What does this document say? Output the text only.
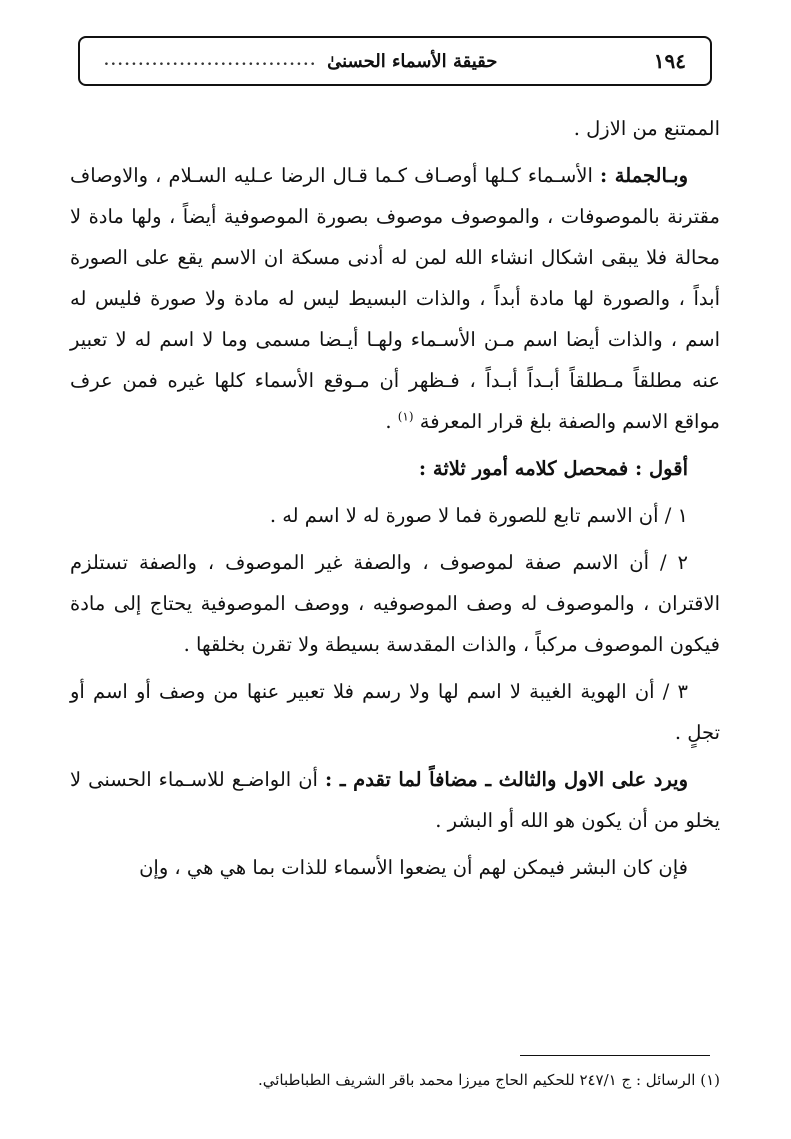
١٩٤
حقيقة الأسماء الحسنىٰ
...............................

الممتنع من الازل .

وبـالجملة : الأسـماء كـلها أوصـاف كـما قـال الرضا عـليه السـلام ، والاوصاف مقترنة بالموصوفات ، والموصوف موصوف بصورة الموصوفية أيضاً ، ولها مادة لا محالة فلا يبقى اشكال انشاء الله لمن له أدنى مسكة ان الاسم يقع على الصورة أبداً ، والصورة لها مادة أبداً ، والذات البسيط ليس له مادة ولا صورة فليس له اسم ، والذات أيضا اسم مـن الأسـماء ولهـا أيـضا مسمى وما لا اسم له لا تعبير عنه مطلقاً مـطلقاً أبـداً أبـداً ، فـظهر أن مـوقع الأسماء كلها غيره فمن عرف مواقع الاسم والصفة بلغ قرار المعرفة $^{(١)}$ .

أقول : فمحصل كلامه أمور ثلاثة :

١ / أن الاسم تابع للصورة فما لا صورة له لا اسم له .

٢ / أن الاسم صفة لموصوف ، والصفة غير الموصوف ، والصفة تستلزم الاقتران ، والموصوف له وصف الموصوفيه ، ووصف الموصوفية يحتاج إلى مادة فيكون الموصوف مركباً ، والذات المقدسة بسيطة ولا تقرن بخلقها .

٣ / أن الهوية الغيبة لا اسم لها ولا رسم فلا تعبير عنها من وصف أو اسم أو تجلٍ .

ويرد على الاول والثالث ـ مضافاً لما تقدم ـ : أن الواضـع للاسـماء الحسنى لا يخلو من أن يكون هو الله أو البشر .

فإن كان البشر فيمكن لهم أن يضعوا الأسماء للذات بما هي هي ، وإن

(١) الرسائل : ج ٢٤٧/١ للحكيم الحاج ميرزا محمد باقر الشريف الطباطبائي.
